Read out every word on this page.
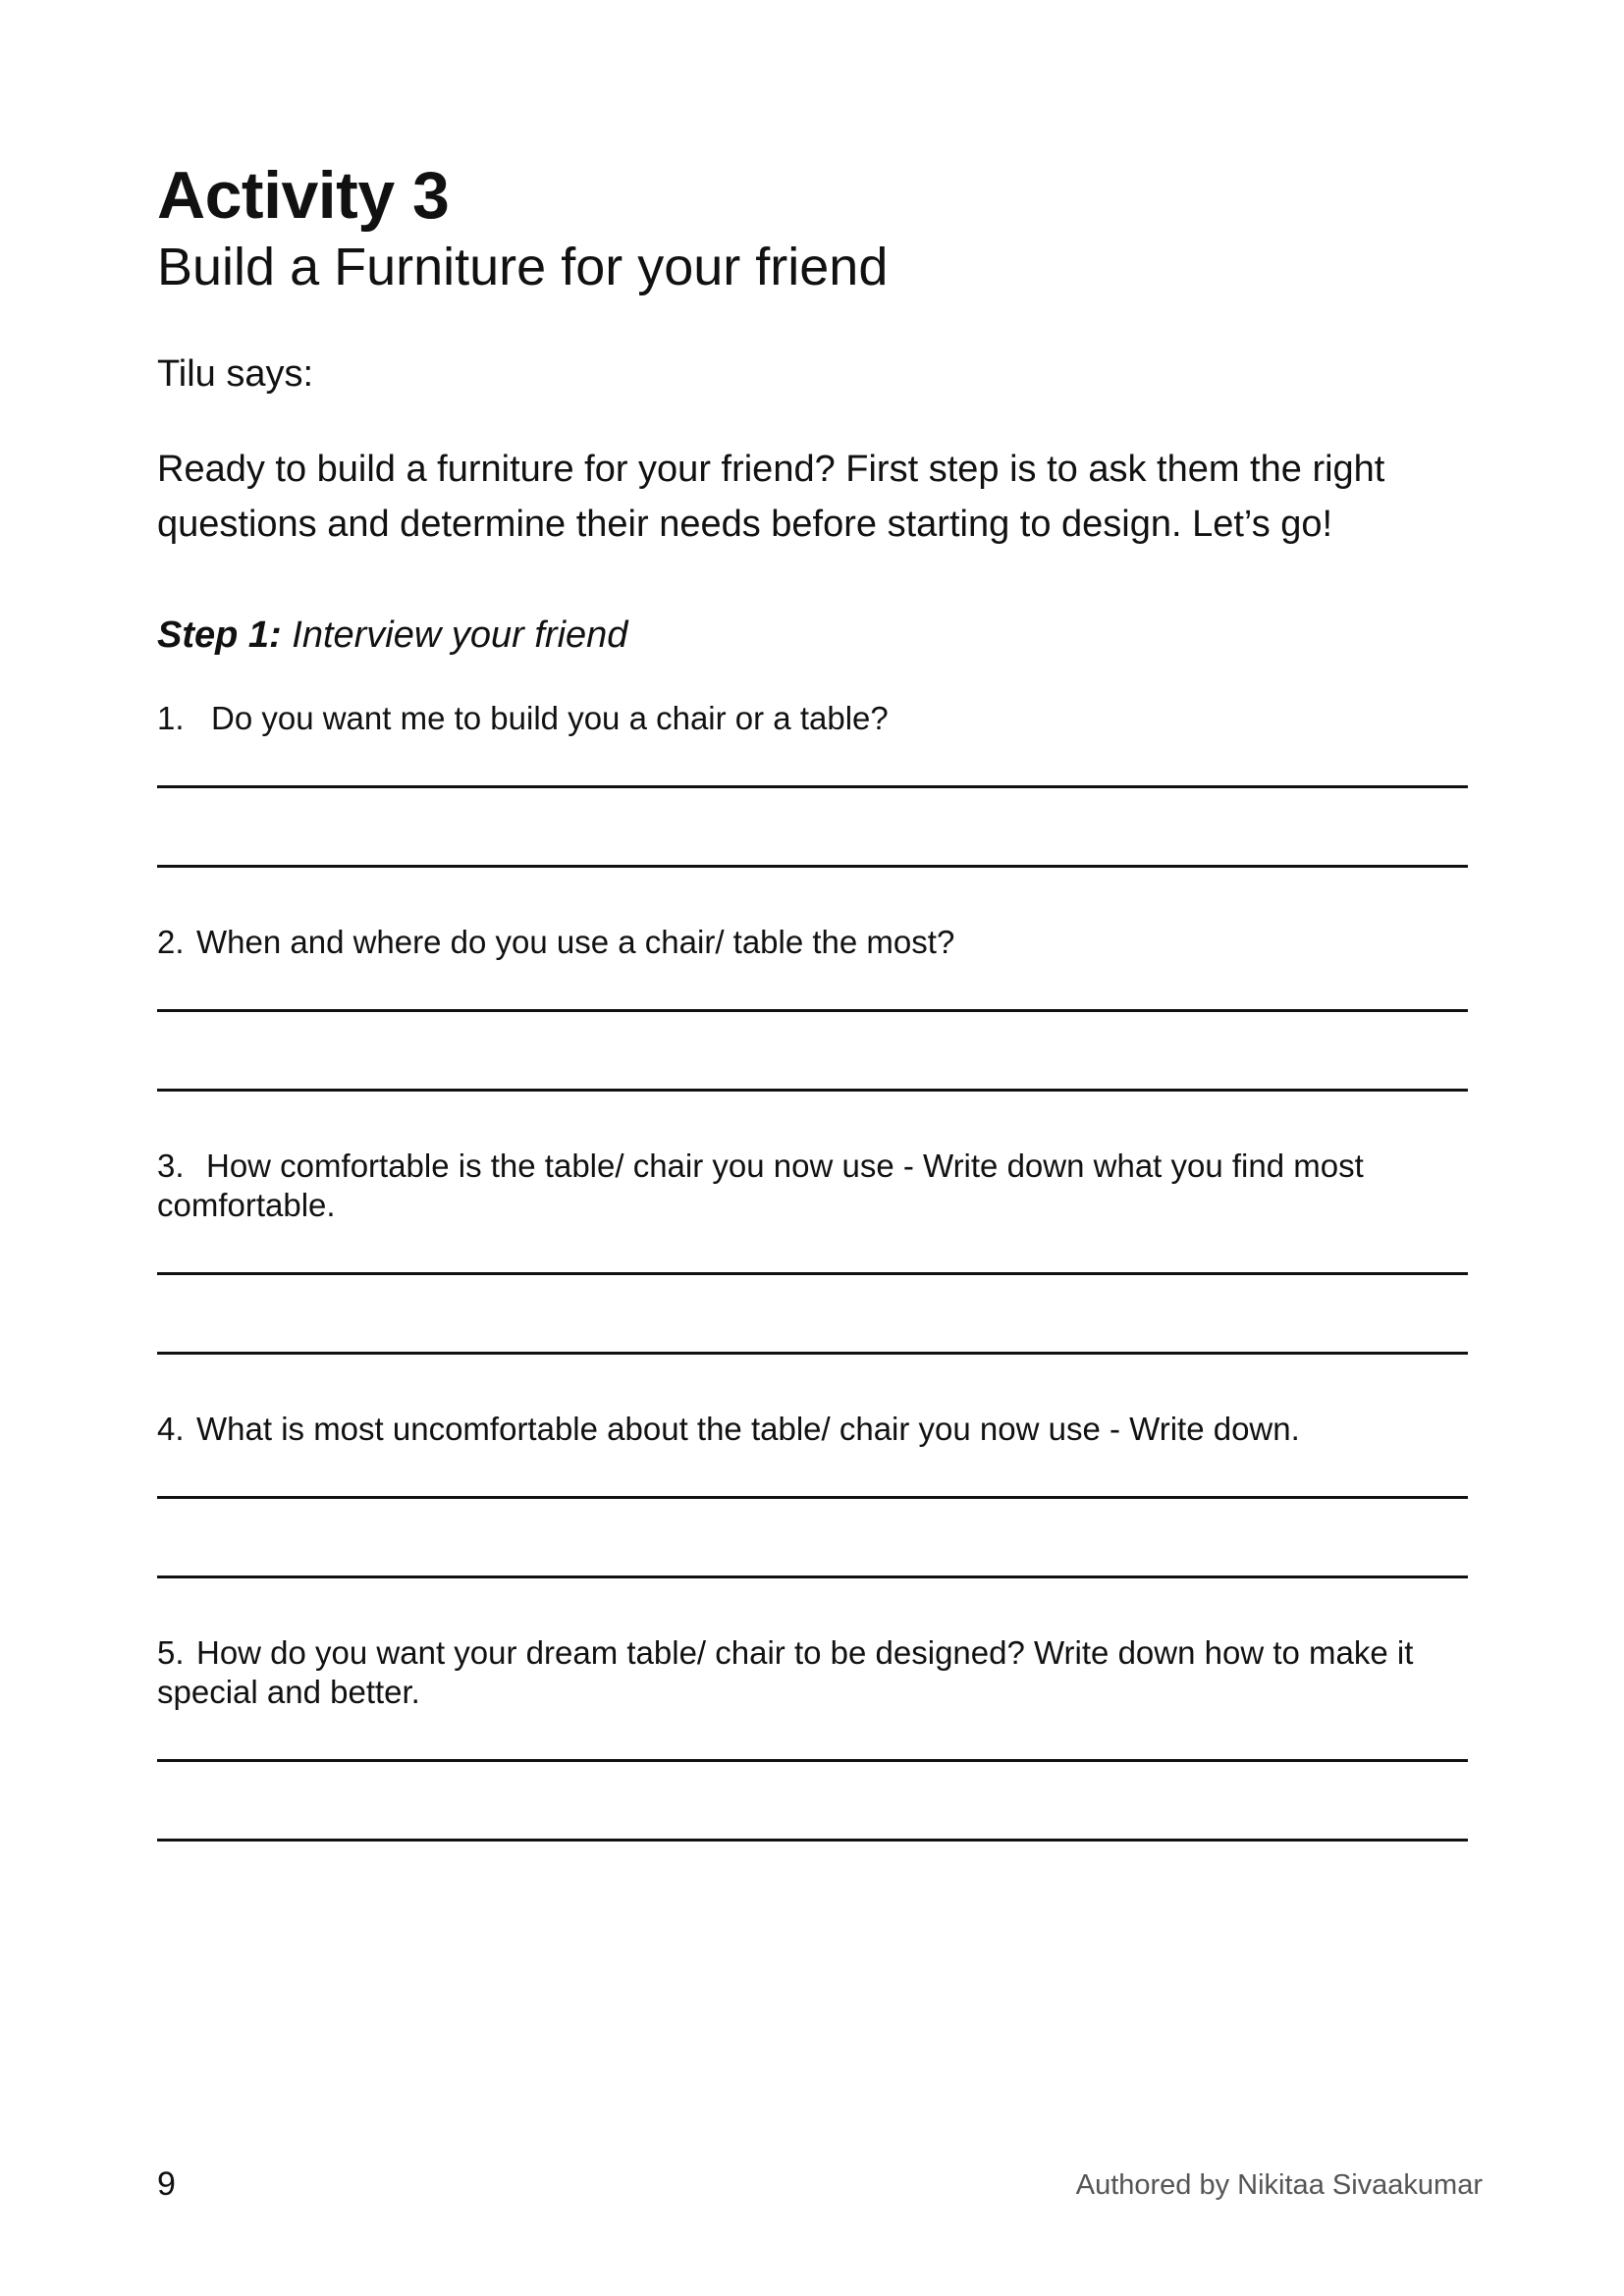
Activity 3
Build a Furniture for your friend
Tilu says:
Ready to build a furniture for your friend? First step is to ask them the right questions and determine their needs before starting to design. Let’s go!
Step 1: Interview your friend
1. Do you want me to build you a chair or a table?
2. When and where do you use a chair/ table the most?
3. How comfortable is the table/ chair you now use - Write down what you find most comfortable.
4. What is most uncomfortable about the table/ chair you now use - Write down.
5. How do you want your dream table/ chair to be designed? Write down how to make it special and better.
9	Authored by Nikitaa Sivaakumar
